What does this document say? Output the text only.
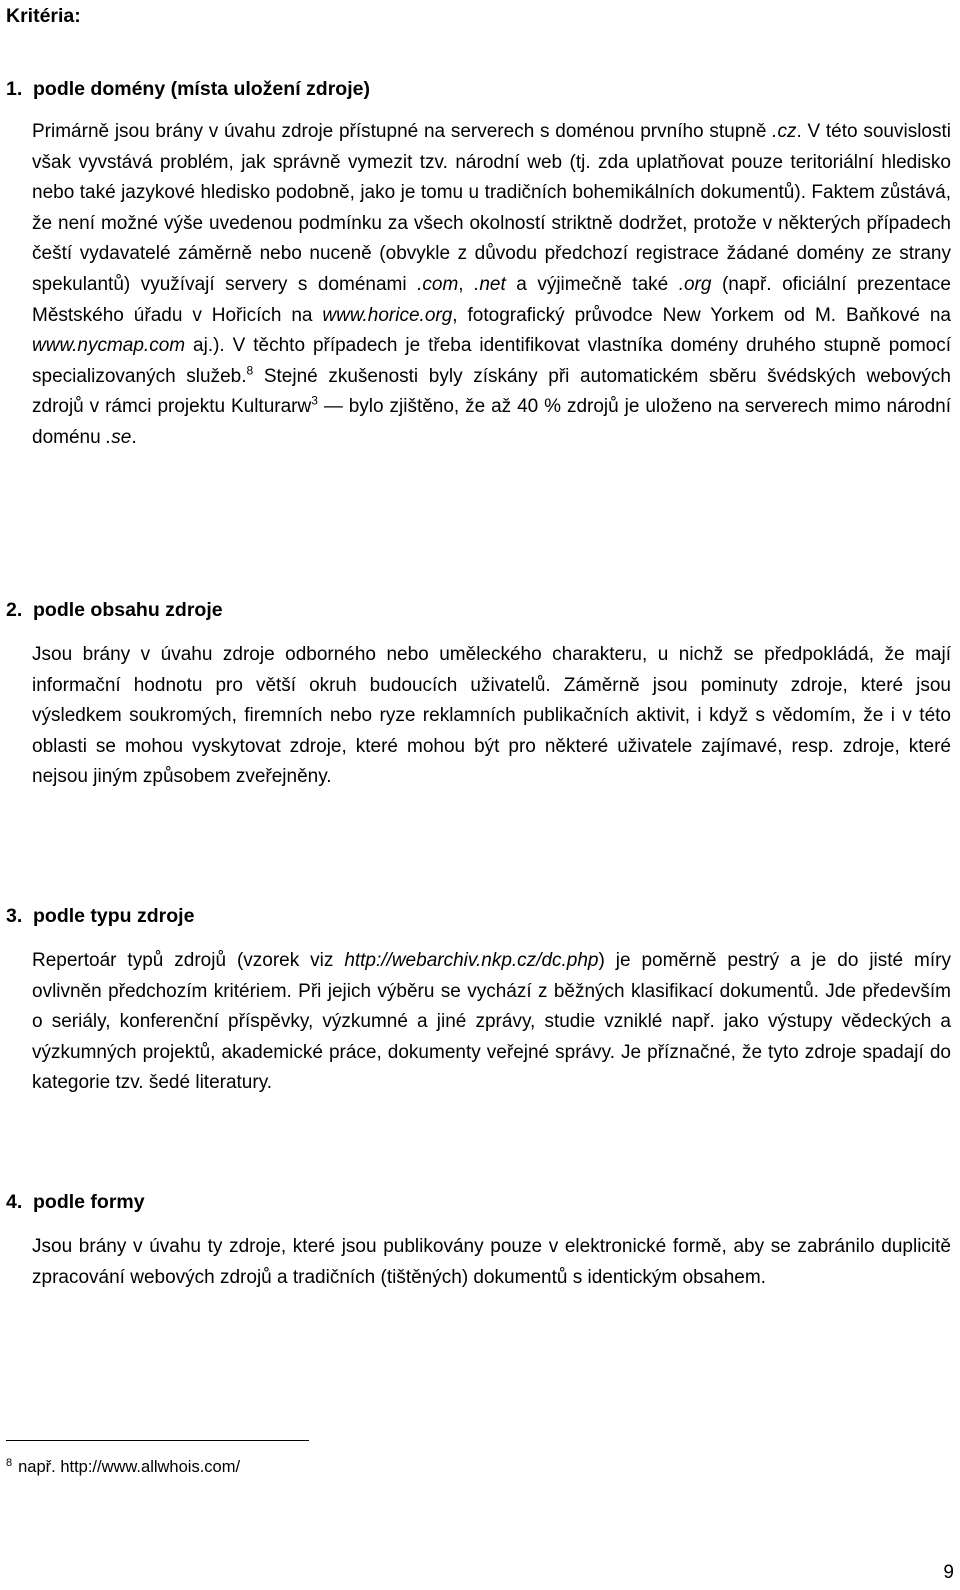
Kritéria:

1. podle domény (místa uložení zdroje)

Primárně jsou brány v úvahu zdroje přístupné na serverech s doménou prvního stupně .cz. V této souvislosti však vyvstává problém, jak správně vymezit tzv. národní web (tj. zda uplatňovat pouze teritoriální hledisko nebo také jazykové hledisko podobně, jako je tomu u tradičních bohemikálních dokumentů). Faktem zůstává, že není možné výše uvedenou podmínku za všech okolností striktně dodržet, protože v některých případech čeští vydavatelé záměrně nebo nuceně (obvykle z důvodu předchozí registrace žádané domény ze strany spekulantů) využívají servery s doménami .com, .net a výjimečně také .org (např. oficiální prezentace Městského úřadu v Hořicích na www.horice.org, fotografický průvodce New Yorkem od M. Baňkové na www.nycmap.com aj.). V těchto případech je třeba identifikovat vlastníka domény druhého stupně pomocí specializovaných služeb.$^8$ Stejné zkušenosti byly získány při automatickém sběru švédských webových zdrojů v rámci projektu Kulturarw$^3$ — bylo zjištěno, že až 40 % zdrojů je uloženo na serverech mimo národní doménu .se.

2. podle obsahu zdroje

Jsou brány v úvahu zdroje odborného nebo uměleckého charakteru, u nichž se předpokládá, že mají informační hodnotu pro větší okruh budoucích uživatelů. Záměrně jsou pominuty zdroje, které jsou výsledkem soukromých, firemních nebo ryze reklamních publikačních aktivit, i když s vědomím, že i v této oblasti se mohou vyskytovat zdroje, které mohou být pro některé uživatele zajímavé, resp. zdroje, které nejsou jiným způsobem zveřejněny.

3. podle typu zdroje

Repertoár typů zdrojů (vzorek viz http://webarchiv.nkp.cz/dc.php) je poměrně pestrý a je do jisté míry ovlivněn předchozím kritériem. Při jejich výběru se vychází z běžných klasifikací dokumentů. Jde především o seriály, konferenční příspěvky, výzkumné a jiné zprávy, studie vzniklé např. jako výstupy vědeckých a výzkumných projektů, akademické práce, dokumenty veřejné správy. Je příznačné, že tyto zdroje spadají do kategorie tzv. šedé literatury.

4. podle formy

Jsou brány v úvahu ty zdroje, které jsou publikovány pouze v elektronické formě, aby se zabránilo duplicitě zpracování webových zdrojů a tradičních (tištěných) dokumentů s identickým obsahem.

$^8$ např. http://www.allwhois.com/

9
